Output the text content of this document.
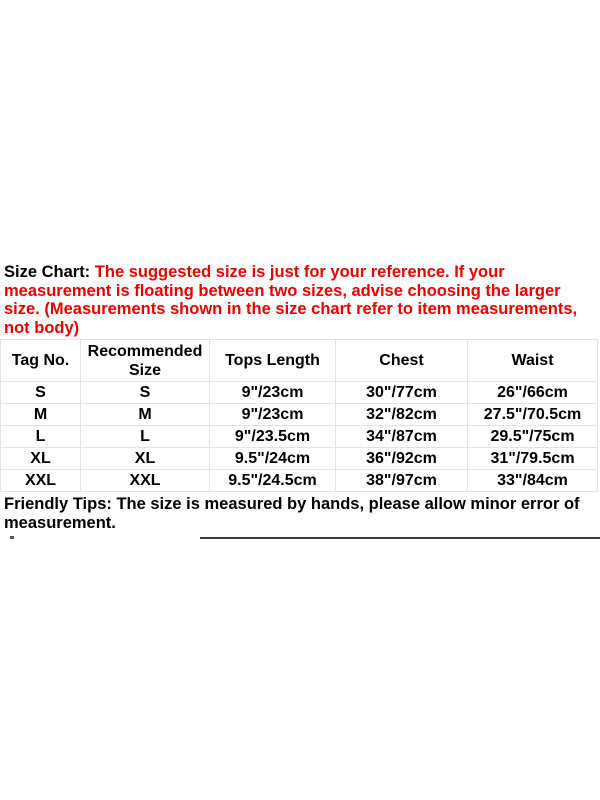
Size Chart: The suggested size is just for your reference. If your measurement is floating between two sizes, advise choosing the larger size. (Measurements shown in the size chart refer to item measurements, not body)
Tag No.	Recommended Size	Tops Length	Chest	Waist
S	S	9"/23cm	30"/77cm	26"/66cm
M	M	9"/23cm	32"/82cm	27.5"/70.5cm
L	L	9"/23.5cm	34"/87cm	29.5"/75cm
XL	XL	9.5"/24cm	36"/92cm	31"/79.5cm
XXL	XXL	9.5"/24.5cm	38"/97cm	33"/84cm
Friendly Tips: The size is measured by hands, please allow minor error of measurement.
